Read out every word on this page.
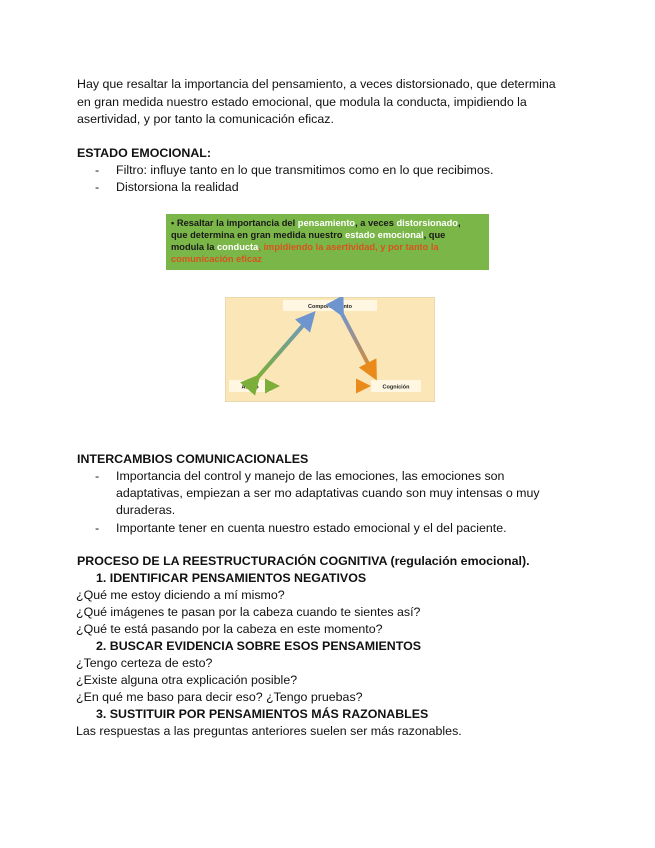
Hay que resaltar la importancia del pensamiento, a veces distorsionado, que determina
en gran medida nuestro estado emocional, que modula la conducta, impidiendo la
asertividad, y por tanto la comunicación eficaz.
ESTADO EMOCIONAL:
- Filtro: influye tanto en lo que transmitimos como en lo que recibimos.
- Distorsiona la realidad
• Resaltar la importancia del pensamiento, a veces distorsionado,
que determina en gran medida nuestro estado emocional, que
modula la conducta, impidiendo la asertividad, y por tanto la
comunicación eficaz
Comportamiento
Afecto	Cognición
INTERCAMBIOS COMUNICACIONALES
- Importancia del control y manejo de las emociones, las emociones son
adaptativas, empiezan a ser mo adaptativas cuando son muy intensas o muy
duraderas.
- Importante tener en cuenta nuestro estado emocional y el del paciente.
PROCESO DE LA REESTRUCTURACIÓN COGNITIVA (regulación emocional).
1. IDENTIFICAR PENSAMIENTOS NEGATIVOS
¿Qué me estoy diciendo a mí mismo?
¿Qué imágenes te pasan por la cabeza cuando te sientes así?
¿Qué te está pasando por la cabeza en este momento?
2. BUSCAR EVIDENCIA SOBRE ESOS PENSAMIENTOS
¿Tengo certeza de esto?
¿Existe alguna otra explicación posible?
¿En qué me baso para decir eso? ¿Tengo pruebas?
3. SUSTITUIR POR PENSAMIENTOS MÁS RAZONABLES
Las respuestas a las preguntas anteriores suelen ser más razonables.
